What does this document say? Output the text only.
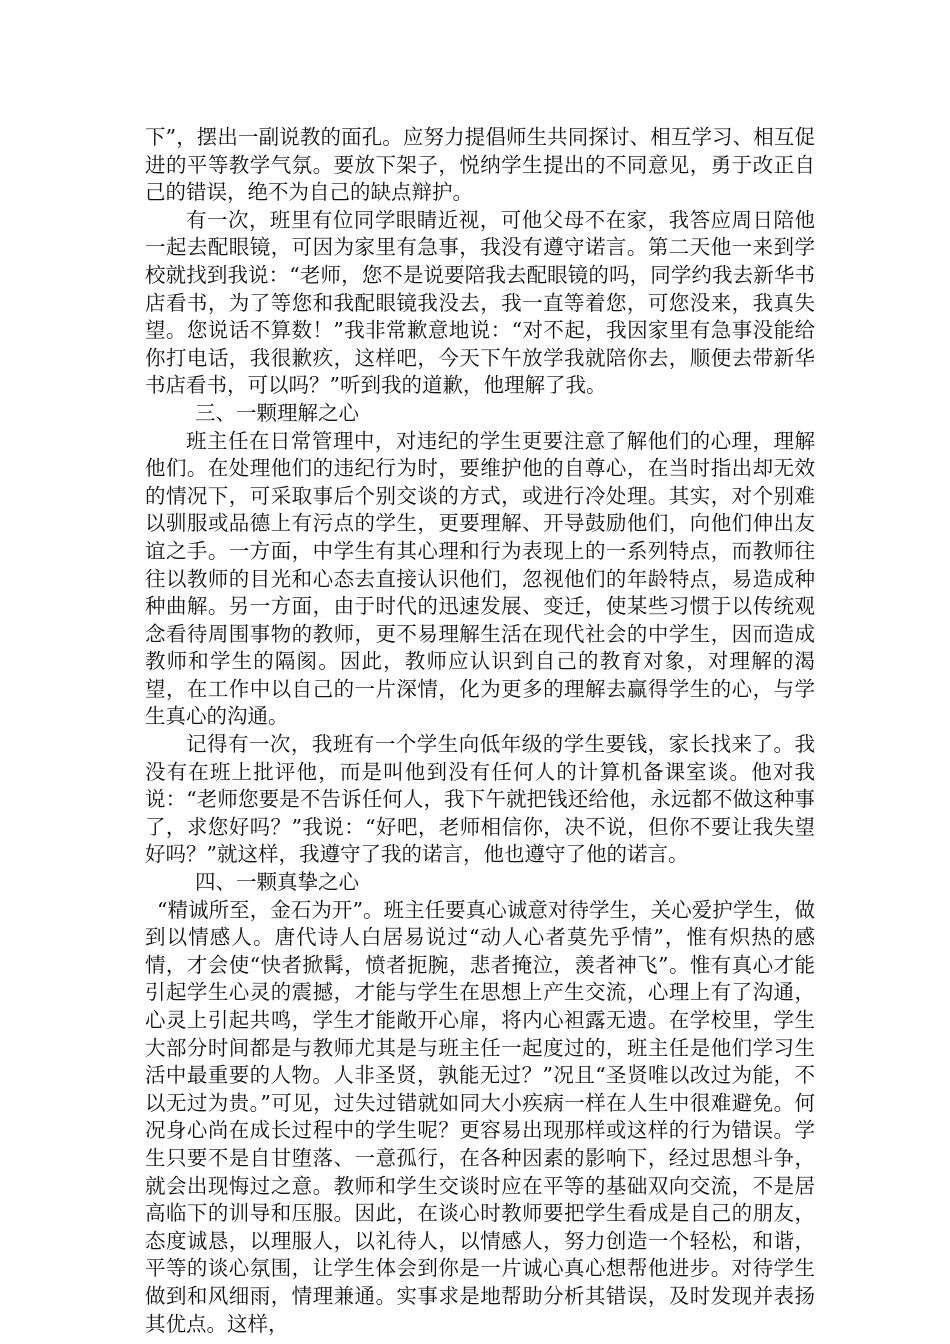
下”，摆出一副说教的面孔。应努力提倡师生共同探讨、相互学习、相互促进的平等教学气氛。要放下架子，悦纳学生提出的不同意见，勇于改正自己的错误，绝不为自己的缺点辩护。

有一次，班里有位同学眼睛近视，可他父母不在家，我答应周日陪他一起去配眼镜，可因为家里有急事，我没有遵守诺言。第二天他一来到学校就找到我说：“老师，您不是说要陪我去配眼镜的吗，同学约我去新华书店看书，为了等您和我配眼镜我没去，我一直等着您，可您没来，我真失望。您说话不算数！”我非常歉意地说：“对不起，我因家里有急事没能给你打电话，我很歉疚，这样吧，今天下午放学我就陪你去，顺便去带新华书店看书，可以吗？”听到我的道歉，他理解了我。

三、一颗理解之心

班主任在日常管理中，对违纪的学生更要注意了解他们的心理，理解他们。在处理他们的违纪行为时，要维护他的自尊心，在当时指出却无效的情况下，可采取事后个别交谈的方式，或进行冷处理。其实，对个别难以驯服或品德上有污点的学生，更要理解、开导鼓励他们，向他们伸出友谊之手。一方面，中学生有其心理和行为表现上的一系列特点，而教师往往以教师的目光和心态去直接认识他们，忽视他们的年龄特点，易造成种种曲解。另一方面，由于时代的迅速发展、变迁，使某些习惯于以传统观念看待周围事物的教师，更不易理解生活在现代社会的中学生，因而造成教师和学生的隔阂。因此，教师应认识到自己的教育对象，对理解的渴望，在工作中以自己的一片深情，化为更多的理解去赢得学生的心，与学生真心的沟通。

记得有一次，我班有一个学生向低年级的学生要钱，家长找来了。我没有在班上批评他，而是叫他到没有任何人的计算机备课室谈。他对我说：“老师您要是不告诉任何人，我下午就把钱还给他，永远都不做这种事了，求您好吗？”我说：“好吧，老师相信你，决不说，但你不要让我失望好吗？”就这样，我遵守了我的诺言，他也遵守了他的诺言。

四、一颗真挚之心

“精诚所至，金石为开”。班主任要真心诚意对待学生，关心爱护学生，做到以情感人。唐代诗人白居易说过“动人心者莫先乎情”，惟有炽热的感情，才会使“快者掀髯，愤者扼腕，悲者掩泣，羡者神飞”。惟有真心才能引起学生心灵的震撼，才能与学生在思想上产生交流，心理上有了沟通，心灵上引起共鸣，学生才能敞开心扉，将内心袒露无遗。在学校里，学生大部分时间都是与教师尤其是与班主任一起度过的，班主任是他们学习生活中最重要的人物。人非圣贤，孰能无过？”况且“圣贤唯以改过为能，不以无过为贵。”可见，过失过错就如同大小疾病一样在人生中很难避免。何况身心尚在成长过程中的学生呢？更容易出现那样或这样的行为错误。学生只要不是自甘堕落、一意孤行，在各种因素的影响下，经过思想斗争，就会出现悔过之意。教师和学生交谈时应在平等的基础双向交流，不是居高临下的训导和压服。因此，在谈心时教师要把学生看成是自己的朋友，态度诚恳，以理服人，以礼待人，以情感人，努力创造一个轻松，和谐，平等的谈心氛围，让学生体会到你是一片诚心真心想帮他进步。对待学生做到和风细雨，情理兼通。实事求是地帮助分析其错误，及时发现并表扬其优点。这样，
